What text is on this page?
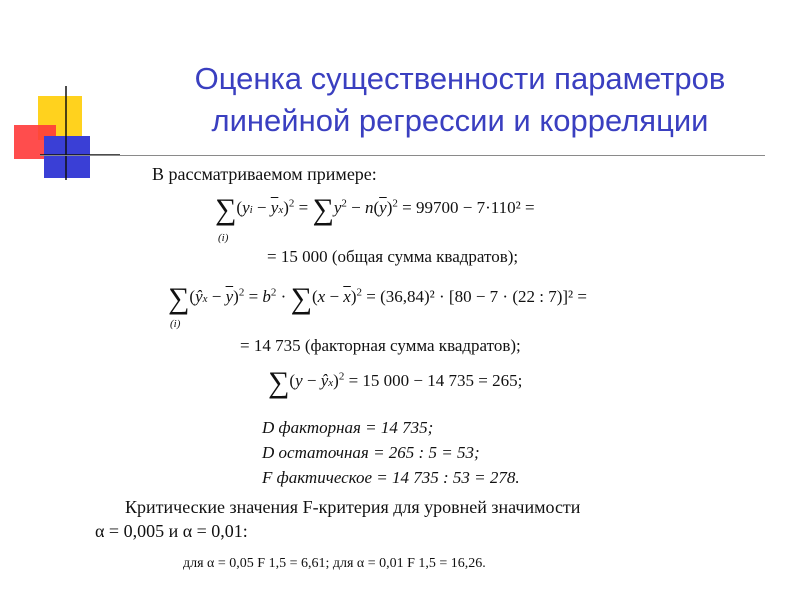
Оценка существенности параметров
линейной регрессии и корреляции
В рассматриваемом примере:
$\sum(yi - \overline{y}x)^2 = \sum y^2 - n(\overline{y})^2 = 99700 - 7\cdot 110^2$ =
(i)
= 15 000 (общая сумма квадратов);
∑(ŷx − $\overline{y})^2 = b^2 \cdot \sum(x - \overline{x})^2 = (36,84)^2 \cdot [80 - 7 \cdot (22$ : 7)]² =
(i)
= 14 735 (факторная сумма квадратов);
∑(y − ŷx)$^2$ = 15 000 − 14 735 = 265;
D факторная = 14 735;
D остаточная = 265 : 5 = 53;
F фактическое = 14 735 : 53 = 278.
Критические значения F-критерия для уровней значимости
α = 0,005 и α = 0,01:
для α = 0,05 F 1,5 = 6,61; для α = 0,01 F 1,5 = 16,26.
